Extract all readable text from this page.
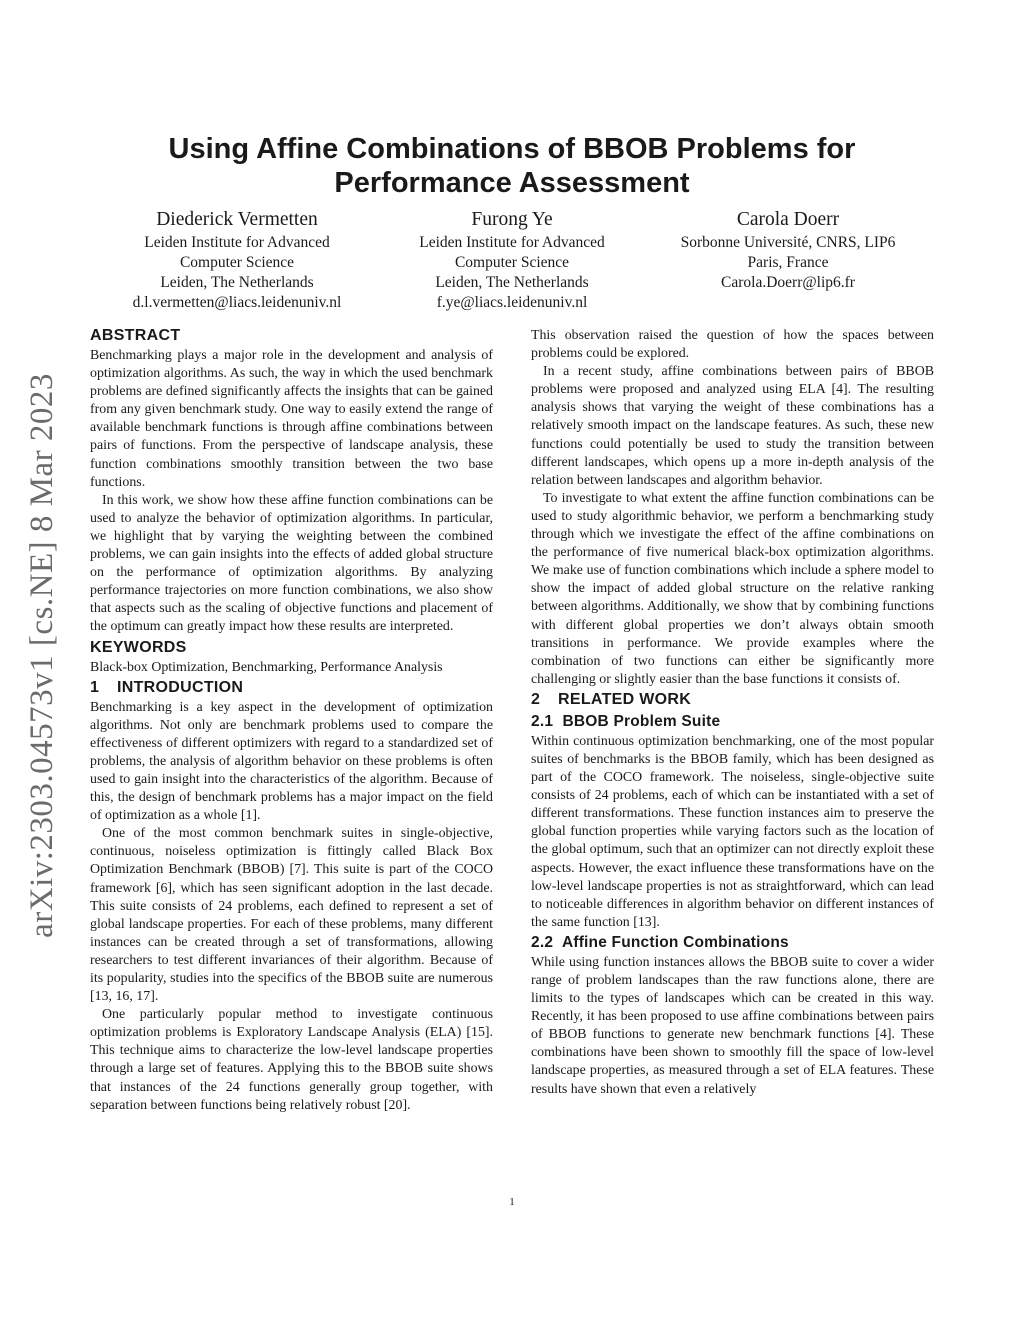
arXiv:2303.04573v1 [cs.NE] 8 Mar 2023
Using Affine Combinations of BBOB Problems for Performance Assessment
Diederick Vermetten
Leiden Institute for Advanced
Computer Science
Leiden, The Netherlands
d.l.vermetten@liacs.leidenuniv.nl
Furong Ye
Leiden Institute for Advanced
Computer Science
Leiden, The Netherlands
f.ye@liacs.leidenuniv.nl
Carola Doerr
Sorbonne Université, CNRS, LIP6
Paris, France
Carola.Doerr@lip6.fr
ABSTRACT

Benchmarking plays a major role in the development and analysis of optimization algorithms. As such, the way in which the used benchmark problems are defined significantly affects the insights that can be gained from any given benchmark study. One way to easily extend the range of available benchmark functions is through affine combinations between pairs of functions. From the perspective of landscape analysis, these function combinations smoothly transition between the two base functions.

In this work, we show how these affine function combinations can be used to analyze the behavior of optimization algorithms. In particular, we highlight that by varying the weighting between the combined problems, we can gain insights into the effects of added global structure on the performance of optimization algorithms. By analyzing performance trajectories on more function combinations, we also show that aspects such as the scaling of objective functions and placement of the optimum can greatly impact how these results are interpreted.

KEYWORDS

Black-box Optimization, Benchmarking, Performance Analysis

1 INTRODUCTION

Benchmarking is a key aspect in the development of optimization algorithms. Not only are benchmark problems used to compare the effectiveness of different optimizers with regard to a standardized set of problems, the analysis of algorithm behavior on these problems is often used to gain insight into the characteristics of the algorithm. Because of this, the design of benchmark problems has a major impact on the field of optimization as a whole [1].

One of the most common benchmark suites in single-objective, continuous, noiseless optimization is fittingly called Black Box Optimization Benchmark (BBOB) [7]. This suite is part of the COCO framework [6], which has seen significant adoption in the last decade. This suite consists of 24 problems, each defined to represent a set of global landscape properties. For each of these problems, many different instances can be created through a set of transformations, allowing researchers to test different invariances of their algorithm. Because of its popularity, studies into the specifics of the BBOB suite are numerous [13, 16, 17].

One particularly popular method to investigate continuous optimization problems is Exploratory Landscape Analysis (ELA) [15]. This technique aims to characterize the low-level landscape properties through a large set of features. Applying this to the BBOB suite shows that instances of the 24 functions generally group together, with separation between functions being relatively robust [20].

This observation raised the question of how the spaces between problems could be explored.

In a recent study, affine combinations between pairs of BBOB problems were proposed and analyzed using ELA [4]. The resulting analysis shows that varying the weight of these combinations has a relatively smooth impact on the landscape features. As such, these new functions could potentially be used to study the transition between different landscapes, which opens up a more in-depth analysis of the relation between landscapes and algorithm behavior.

To investigate to what extent the affine function combinations can be used to study algorithmic behavior, we perform a benchmarking study through which we investigate the effect of the affine combinations on the performance of five numerical black-box optimization algorithms. We make use of function combinations which include a sphere model to show the impact of added global structure on the relative ranking between algorithms. Additionally, we show that by combining functions with different global properties we don’t always obtain smooth transitions in performance. We provide examples where the combination of two functions can either be significantly more challenging or slightly easier than the base functions it consists of.

2 RELATED WORK
2.1 BBOB Problem Suite

Within continuous optimization benchmarking, one of the most popular suites of benchmarks is the BBOB family, which has been designed as part of the COCO framework. The noiseless, single-objective suite consists of 24 problems, each of which can be instantiated with a set of different transformations. These function instances aim to preserve the global function properties while varying factors such as the location of the global optimum, such that an optimizer can not directly exploit these aspects. However, the exact influence these transformations have on the low-level landscape properties is not as straightforward, which can lead to noticeable differences in algorithm behavior on different instances of the same function [13].

2.2 Affine Function Combinations

While using function instances allows the BBOB suite to cover a wider range of problem landscapes than the raw functions alone, there are limits to the types of landscapes which can be created in this way. Recently, it has been proposed to use affine combinations between pairs of BBOB functions to generate new benchmark functions [4]. These combinations have been shown to smoothly fill the space of low-level landscape properties, as measured through a set of ELA features. These results have shown that even a relatively

1
